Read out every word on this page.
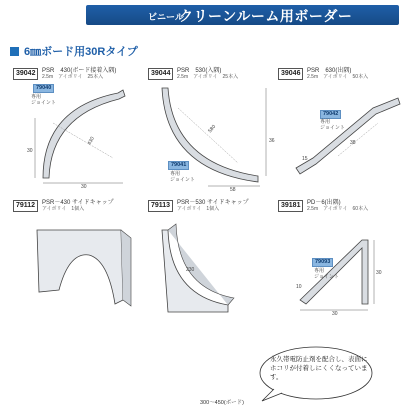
ビニール
クリーンルーム用ボーダー
6㎜ボード用30Rタイプ
39042	PSR　430(ボード接着入隅)
2.5m　アイボリイ　25本入
79040
専用
ジョイント
30
30
430
39044	PSR　530(入隅)
2.5m　アイボリイ　25本入
79041
専用
ジョイント
580
36
58
39046	PSR　630(出隅)
2.5m　アイボリイ　50本入
79042
専用
ジョイント
38
15
79112	PSR－430 サイドキャップ
アイボリイ　1個入	79113	PSR－530 サイドキャップ
アイボリイ　1個入
230
39181	PD－6(出隅)
2.5m　アイボリイ　60本入
79093
専用
ジョイント
30
10
30
永久帯電防止剤を配合し、表面にホコリが付着しにくくなっています。
300～450(ボード)
